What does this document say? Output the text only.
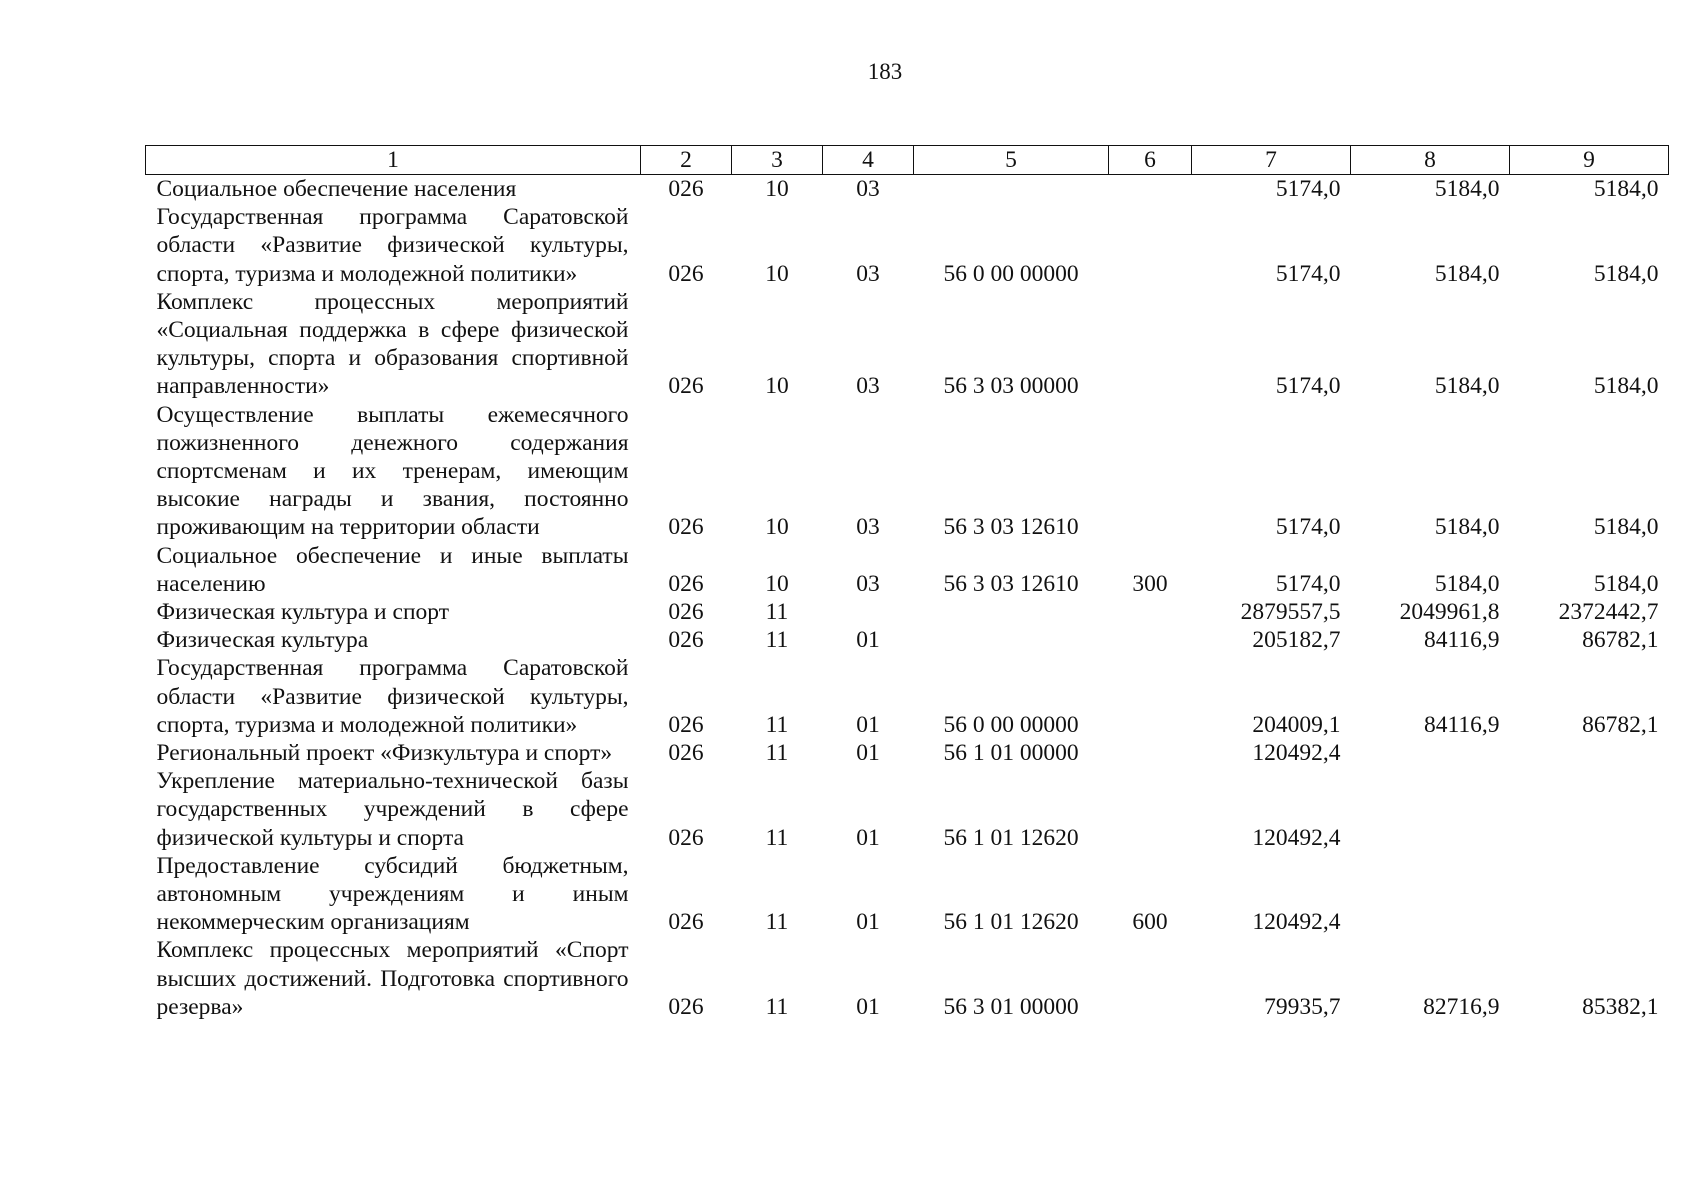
183
1	2	3	4	5	6	7	8	9
Социальное обеспечение населения	026	10	03			5174,0	5184,0	5184,0
Государственная программа Саратовской области «Развитие физической культуры, спорта, туризма и молодежной политики»	026	10	03	56 0 00 00000		5174,0	5184,0	5184,0
Комплекс процессных мероприятий «Социальная поддержка в сфере физической культуры, спорта и образования спортивной направленности»	026	10	03	56 3 03 00000		5174,0	5184,0	5184,0
Осуществление выплаты ежемесячного пожизненного денежного содержания спортсменам и их тренерам, имеющим высокие награды и звания, постоянно проживающим на территории области	026	10	03	56 3 03 12610		5174,0	5184,0	5184,0
Социальное обеспечение и иные выплаты населению	026	10	03	56 3 03 12610	300	5174,0	5184,0	5184,0
Физическая культура и спорт	026	11				2879557,5	2049961,8	2372442,7
Физическая культура	026	11	01			205182,7	84116,9	86782,1
Государственная программа Саратовской области «Развитие физической культуры, спорта, туризма и молодежной политики»	026	11	01	56 0 00 00000		204009,1	84116,9	86782,1
Региональный проект «Физкультура и спорт»	026	11	01	56 1 01 00000		120492,4		
Укрепление материально-технической базы государственных учреждений в сфере физической культуры и спорта	026	11	01	56 1 01 12620		120492,4		
Предоставление субсидий бюджетным, автономным учреждениям и иным некоммерческим организациям	026	11	01	56 1 01 12620	600	120492,4		
Комплекс процессных мероприятий «Спорт высших достижений. Подготовка спортивного резерва»	026	11	01	56 3 01 00000		79935,7	82716,9	85382,1
